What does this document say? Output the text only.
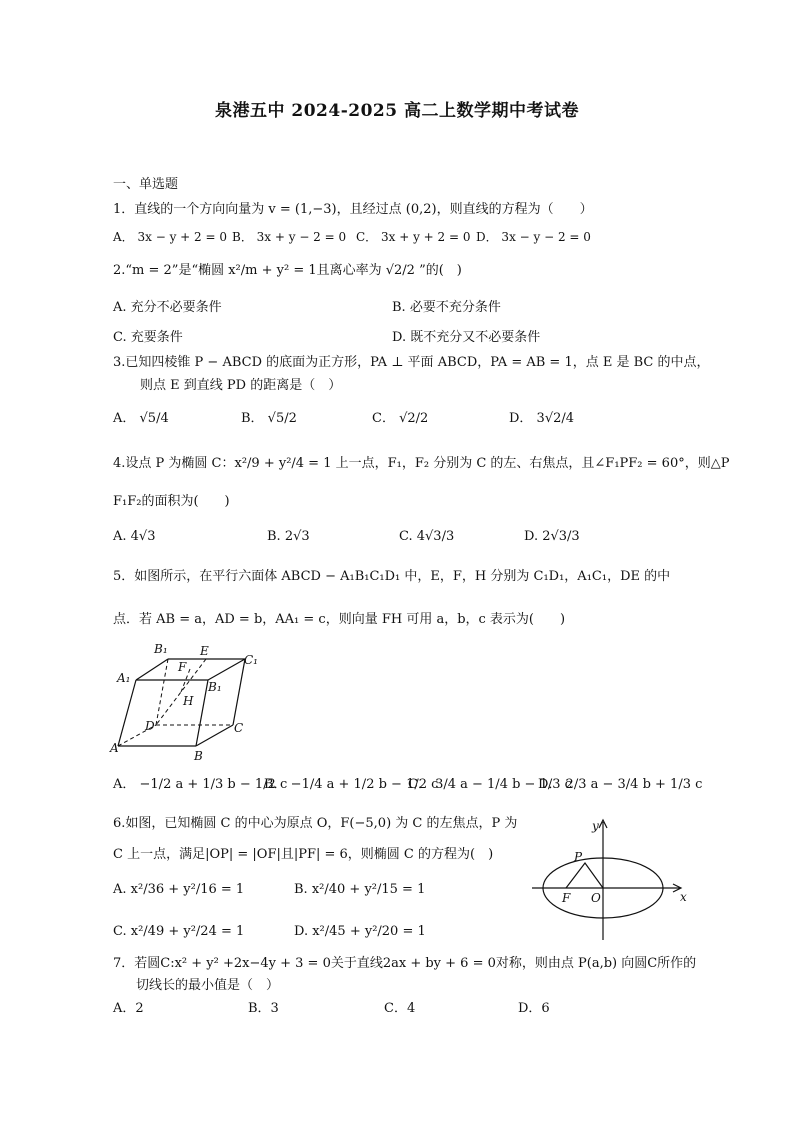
泉港五中 2024-2025 高二上数学期中考试卷
一、单选题
1．直线的一个方向向量为 v = (1,−3)，且经过点 (0,2)，则直线的方程为（　　）
A． 3x − y + 2 = 0 B． 3x + y − 2 = 0 C． 3x + y + 2 = 0 D． 3x − y − 2 = 0
2.“m = 2”是“椭圆 x²/m + y² = 1且离心率为 √2/2 ”的(　)
A. 充分不必要条件	B. 必要不充分条件
C. 充要条件	D. 既不充分又不必要条件
3.已知四棱锥 P − ABCD 的底面为正方形，PA ⊥ 平面 ABCD，PA = AB = 1，点 E 是 BC 的中点，
则点 E 到直线 PD 的距离是（　）
A． √5/4	B． √5/2	C． √2/2	D． 3√2/4
4.设点 P 为椭圆 C：x²/9 + y²/4 = 1 上一点，F₁，F₂ 分别为 C 的左、右焦点，且∠F₁PF₂ = 60°，则△P
F₁F₂的面积为(　　)
A. 4√3	B. 2√3	C. 4√3/3	D. 2√3/3
5．如图所示，在平行六面体 ABCD − A₁B₁C₁D₁ 中，E，F，H 分别为 C₁D₁，A₁C₁，DE 的中
点．若 AB = a，AD = b，AA₁ = c，则向量 FH 可用 a，b，c 表示为(　　)
B₁	E
C₁
A₁
F
B₁
H
D	C
A
B
A． −1/2 a + 1/3 b − 1/2 c
B． −1/4 a + 1/2 b − 1/2 c
C． 3/4 a − 1/4 b − 1/3 c
D． 2/3 a − 3/4 b + 1/3 c
6.如图，已知椭圆 C 的中心为原点 O，F(−5,0) 为 C 的左焦点，P 为
C 上一点，满足|OP| = |OF|且|PF| = 6，则椭圆 C 的方程为(　)
A. x²/36 + y²/16 = 1	B. x²/40 + y²/15 = 1
C. x²/49 + y²/24 = 1	D. x²/45 + y²/20 = 1
y
P
F O	x
7．若圆C:x² + y² +2x−4y + 3 = 0关于直线2ax + by + 6 = 0对称，则由点 P(a,b) 向圆C所作的
切线长的最小值是（　）
A．2	B．3	C．4	D．6
